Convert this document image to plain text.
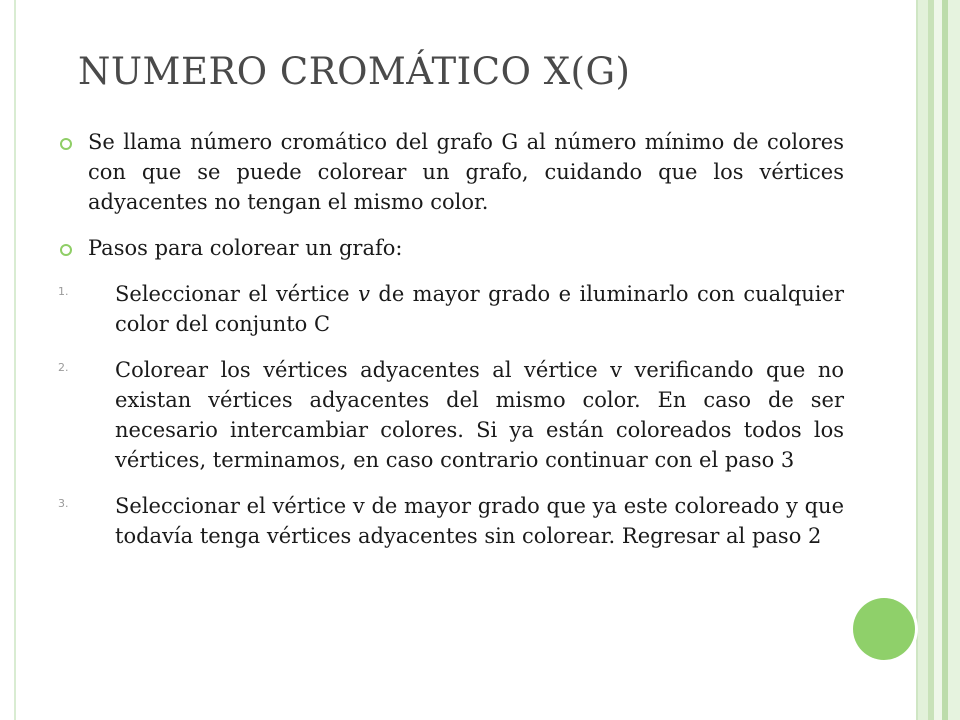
NUMERO CROMÁTICO X(G)
Se llama número cromático del grafo G al número mínimo de colores con que se puede colorear un grafo, cuidando que los vértices adyacentes no tengan el mismo color.
Pasos para colorear un grafo:
1. Seleccionar el vértice v de mayor grado e iluminarlo con cualquier color del conjunto C
2. Colorear los vértices adyacentes al vértice v verificando que no existan vértices adyacentes del mismo color. En caso de ser necesario intercambiar colores. Si ya están coloreados todos los vértices, terminamos, en caso contrario continuar con el paso 3
3. Seleccionar el vértice v de mayor grado que ya este coloreado y que todavía tenga vértices adyacentes sin colorear. Regresar al paso 2
